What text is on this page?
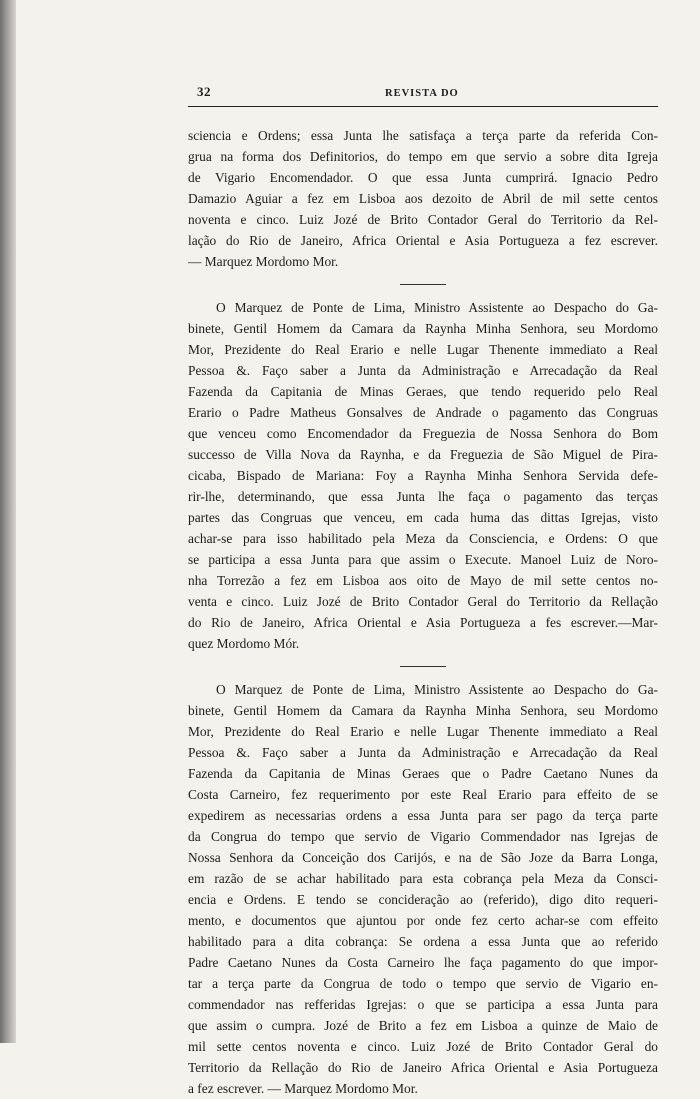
32	REVISTA DO
sciencia e Ordens; essa Junta lhe satisfaça a terça parte da referida Con-
grua na forma dos Definitorios, do tempo em que servio a sobre dita Igreja
de Vigario Encomendador. O que essa Junta cumprirá. Ignacio Pedro
Damazio Aguiar a fez em Lisboa aos dezoito de Abril de mil sette centos
noventa e cinco. Luiz Jozé de Brito Contador Geral do Territorio da Rel-
lação do Rio de Janeiro, Africa Oriental e Asia Portugueza a fez escrever.
— Marquez Mordomo Mor.
O Marquez de Ponte de Lima, Ministro Assistente ao Despacho do Ga-
binete, Gentil Homem da Camara da Raynha Minha Senhora, seu Mordomo
Mor, Prezidente do Real Erario e nelle Lugar Thenente immediato a Real
Pessoa &. Faço saber a Junta da Administração e Arrecadação da Real
Fazenda da Capitania de Minas Geraes, que tendo requerido pelo Real
Erario o Padre Matheus Gonsalves de Andrade o pagamento das Congruas
que venceu como Encomendador da Freguezia de Nossa Senhora do Bom
successo de Villa Nova da Raynha, e da Freguezia de São Miguel de Pira-
cicaba, Bispado de Mariana: Foy a Raynha Minha Senhora Servida defe-
rir-lhe, determinando, que essa Junta lhe faça o pagamento das terças
partes das Congruas que venceu, em cada huma das dittas Igrejas, visto
achar-se para isso habilitado pela Meza da Consciencia, e Ordens: O que
se participa a essa Junta para que assim o Execute. Manoel Luiz de Noro-
nha Torrezão a fez em Lisboa aos oito de Mayo de mil sette centos no-
venta e cinco. Luiz Jozé de Brito Contador Geral do Territorio da Rellação
do Rio de Janeiro, Africa Oriental e Asia Portugueza a fes escrever.—Mar-
quez Mordomo Mór.
O Marquez de Ponte de Lima, Ministro Assistente ao Despacho do Ga-
binete, Gentil Homem da Camara da Raynha Minha Senhora, seu Mordomo
Mor, Prezidente do Real Erario e nelle Lugar Thenente immediato a Real
Pessoa &. Faço saber a Junta da Administração e Arrecadação da Real
Fazenda da Capitania de Minas Geraes que o Padre Caetano Nunes da
Costa Carneiro, fez requerimento por este Real Erario para effeito de se
expedirem as necessarias ordens a essa Junta para ser pago da terça parte
da Congrua do tempo que servio de Vigario Commendador nas Igrejas de
Nossa Senhora da Conceição dos Carijós, e na de São Joze da Barra Longa,
em razão de se achar habilitado para esta cobrança pela Meza da Consci-
encia e Ordens. E tendo se concideração ao (referido), digo dito requeri-
mento, e documentos que ajuntou por onde fez certo achar-se com effeito
habilitado para a dita cobrança: Se ordena a essa Junta que ao referido
Padre Caetano Nunes da Costa Carneiro lhe faça pagamento do que impor-
tar a terça parte da Congrua de todo o tempo que servio de Vigario en-
commendador nas refferidas Igrejas: o que se participa a essa Junta para
que assim o cumpra. Jozé de Brito a fez em Lisboa a quinze de Maio de
mil sette centos noventa e cinco. Luiz Jozé de Brito Contador Geral do
Territorio da Rellação do Rio de Janeiro Africa Oriental e Asia Portugueza
a fez escrever. — Marquez Mordomo Mor.
